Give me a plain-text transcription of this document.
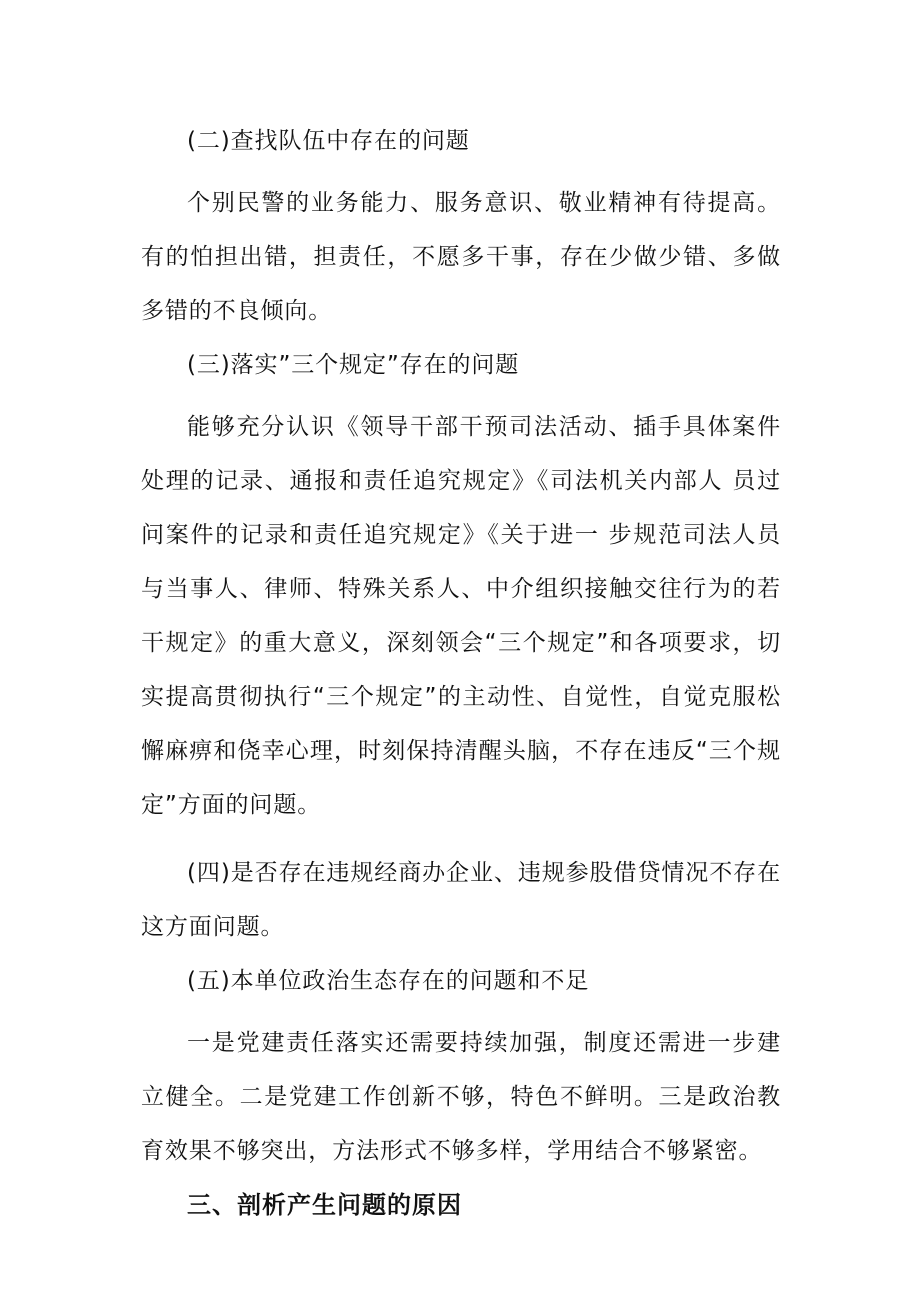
(二)查找队伍中存在的问题

个别民警的业务能力、服务意识、敬业精神有待提高。有的怕担出错，担责任，不愿多干事，存在少做少错、多做多错的不良倾向。

(三)落实”三个规定”存在的问题

能够充分认识《领导干部干预司法活动、插手具体案件处理的记录、通报和责任追究规定》《司法机关内部人 员过问案件的记录和责任追究规定》《关于进一 步规范司法人员与当事人、律师、特殊关系人、中介组织接触交往行为的若干规定》的重大意义，深刻领会“三个规定”和各项要求，切实提高贯彻执行“三个规定”的主动性、自觉性，自觉克服松懈麻痹和侥幸心理，时刻保持清醒头脑，不存在违反“三个规定”方面的问题。

(四)是否存在违规经商办企业、违规参股借贷情况不存在这方面问题。

(五)本单位政治生态存在的问题和不足

一是党建责任落实还需要持续加强，制度还需进一步建立健全。二是党建工作创新不够，特色不鲜明。三是政治教育效果不够突出，方法形式不够多样，学用结合不够紧密。

三、剖析产生问题的原因
